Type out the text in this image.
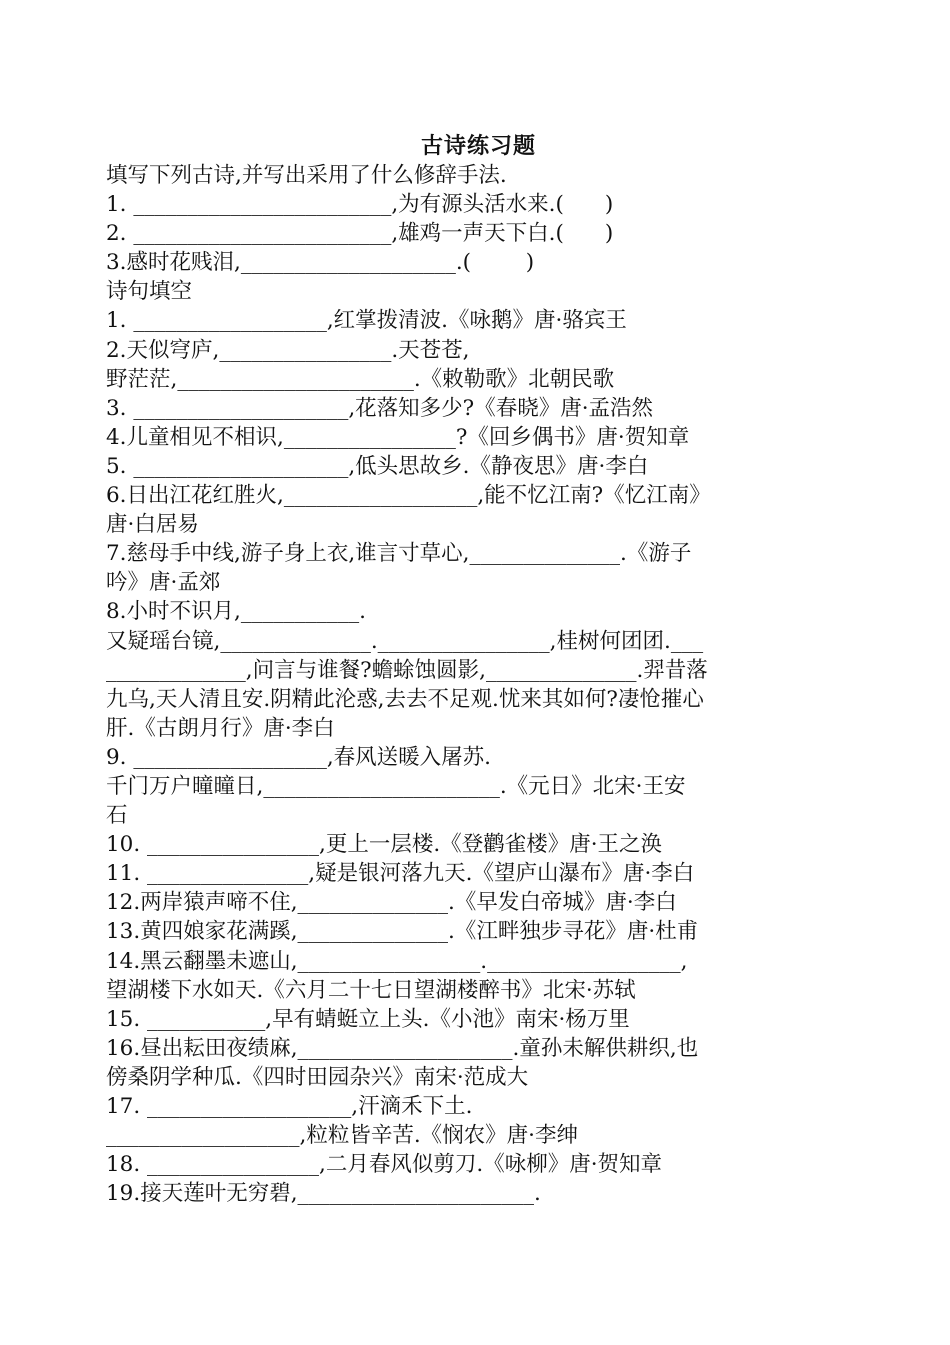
古诗练习题
填写下列古诗,并写出采用了什么修辞手法.
1. ________________________,为有源头活水来.(      )
2. ________________________,雄鸡一声天下白.(      )
3.感时花贱泪,____________________.(        )
诗句填空
1. __________________,红掌拨清波.《咏鹅》唐·骆宾王
2.天似穹庐,________________.天苍苍,
野茫茫,______________________.《敕勒歌》北朝民歌
3. ____________________,花落知多少?《春晓》唐·孟浩然
4.儿童相见不相识,________________?《回乡偶书》唐·贺知章
5. ____________________,低头思故乡.《静夜思》唐·李白
6.日出江花红胜火,__________________,能不忆江南?《忆江南》
唐·白居易
7.慈母手中线,游子身上衣,谁言寸草心,______________.《游子
吟》唐·孟郊
8.小时不识月,___________.
又疑瑶台镜,______________.________________,桂树何团团.___
_____________,问言与谁餐?蟾蜍蚀圆影,______________.羿昔落
九乌,天人清且安.阴精此沦惑,去去不足观.忧来其如何?凄怆摧心
肝.《古朗月行》唐·李白
9. __________________,春风送暖入屠苏.
千门万户曈曈日,______________________.《元日》北宋·王安
石
10. ________________,更上一层楼.《登鹳雀楼》唐·王之涣
11. _______________,疑是银河落九天.《望庐山瀑布》唐·李白
12.两岸猿声啼不住,______________.《早发白帝城》唐·李白
13.黄四娘家花满蹊,______________.《江畔独步寻花》唐·杜甫
14.黑云翻墨未遮山,_________________.__________________,
望湖楼下水如天.《六月二十七日望湖楼醉书》北宋·苏轼
15. ___________,早有蜻蜓立上头.《小池》南宋·杨万里
16.昼出耘田夜绩麻,____________________.童孙未解供耕织,也
傍桑阴学种瓜.《四时田园杂兴》南宋·范成大
17. ___________________,汗滴禾下土.
__________________,粒粒皆辛苦.《悯农》唐·李绅
18. ________________,二月春风似剪刀.《咏柳》唐·贺知章
19.接天莲叶无穷碧,______________________.
